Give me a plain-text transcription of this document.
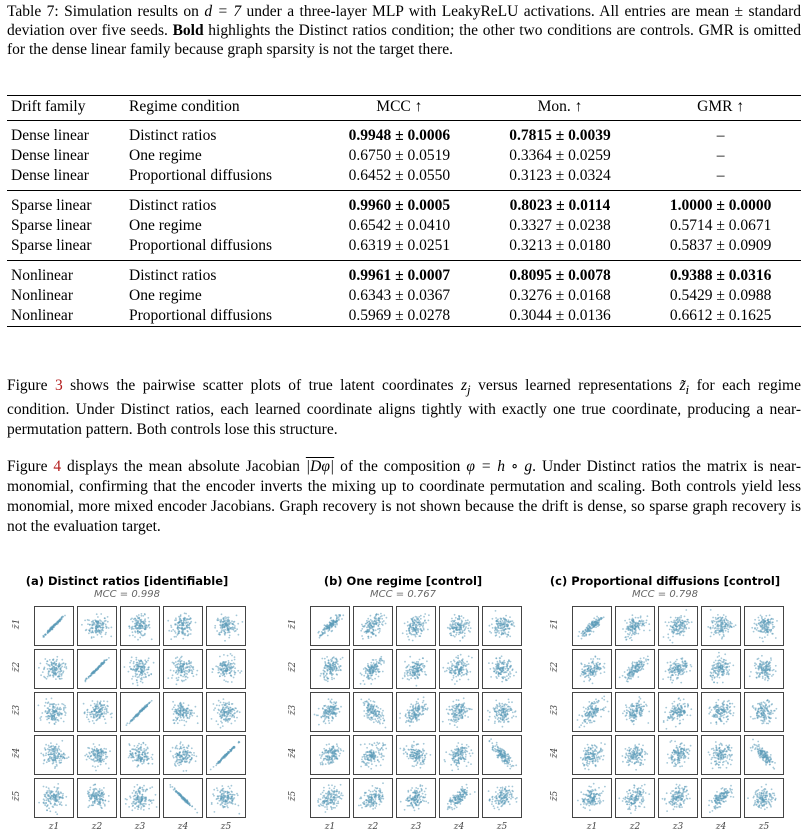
Table 7: Simulation results on d = 7 under a three-layer MLP with LeakyReLU activations. All entries are mean ± standard deviation over five seeds. Bold highlights the Distinct ratios condition; the other two conditions are controls. GMR is omitted for the dense linear family because graph sparsity is not the target there.
Drift family	Regime condition	MCC ↑	Mon. ↑	GMR ↑
Dense linear	Distinct ratios	0.9948 ± 0.0006	0.7815 ± 0.0039	–
Dense linear	One regime	0.6750 ± 0.0519	0.3364 ± 0.0259	–
Dense linear	Proportional diffusions	0.6452 ± 0.0550	0.3123 ± 0.0324	–
Sparse linear	Distinct ratios	0.9960 ± 0.0005	0.8023 ± 0.0114	1.0000 ± 0.0000
Sparse linear	One regime	0.6542 ± 0.0410	0.3327 ± 0.0238	0.5714 ± 0.0671
Sparse linear	Proportional diffusions	0.6319 ± 0.0251	0.3213 ± 0.0180	0.5837 ± 0.0909
Nonlinear	Distinct ratios	0.9961 ± 0.0007	0.8095 ± 0.0078	0.9388 ± 0.0316
Nonlinear	One regime	0.6343 ± 0.0367	0.3276 ± 0.0168	0.5429 ± 0.0988
Nonlinear	Proportional diffusions	0.5969 ± 0.0278	0.3044 ± 0.0136	0.6612 ± 0.1625
Figure 3 shows the pairwise scatter plots of true latent coordinates $z_j$ versus learned representations $z̃_i$ for each regime condition. Under Distinct ratios, each learned coordinate aligns tightly with exactly one true coordinate, producing a near-permutation pattern. Both controls lose this structure.
Figure 4 displays the mean absolute Jacobian |Dφ| of the composition φ = h ∘ g. Under Distinct ratios the matrix is near-monomial, confirming that the encoder inverts the mixing up to coordinate permutation and scaling. Both controls yield less monomial, more mixed encoder Jacobians. Graph recovery is not shown because the drift is dense, so sparse graph recovery is not the evaluation target.
(a) Distinct ratios [identifiable]
MCC = 0.998
z̃1
z̃2
z̃3
z̃4
z̃5
z1	z2	z3	z4	z5
(b) One regime [control]
MCC = 0.767
z̃1
z̃2
z̃3
z̃4
z̃5
z1	z2	z3	z4	z5
(c) Proportional diffusions [control]
MCC = 0.798
z̃1
z̃2
z̃3
z̃4
z̃5
z1	z2	z3	z4	z5
